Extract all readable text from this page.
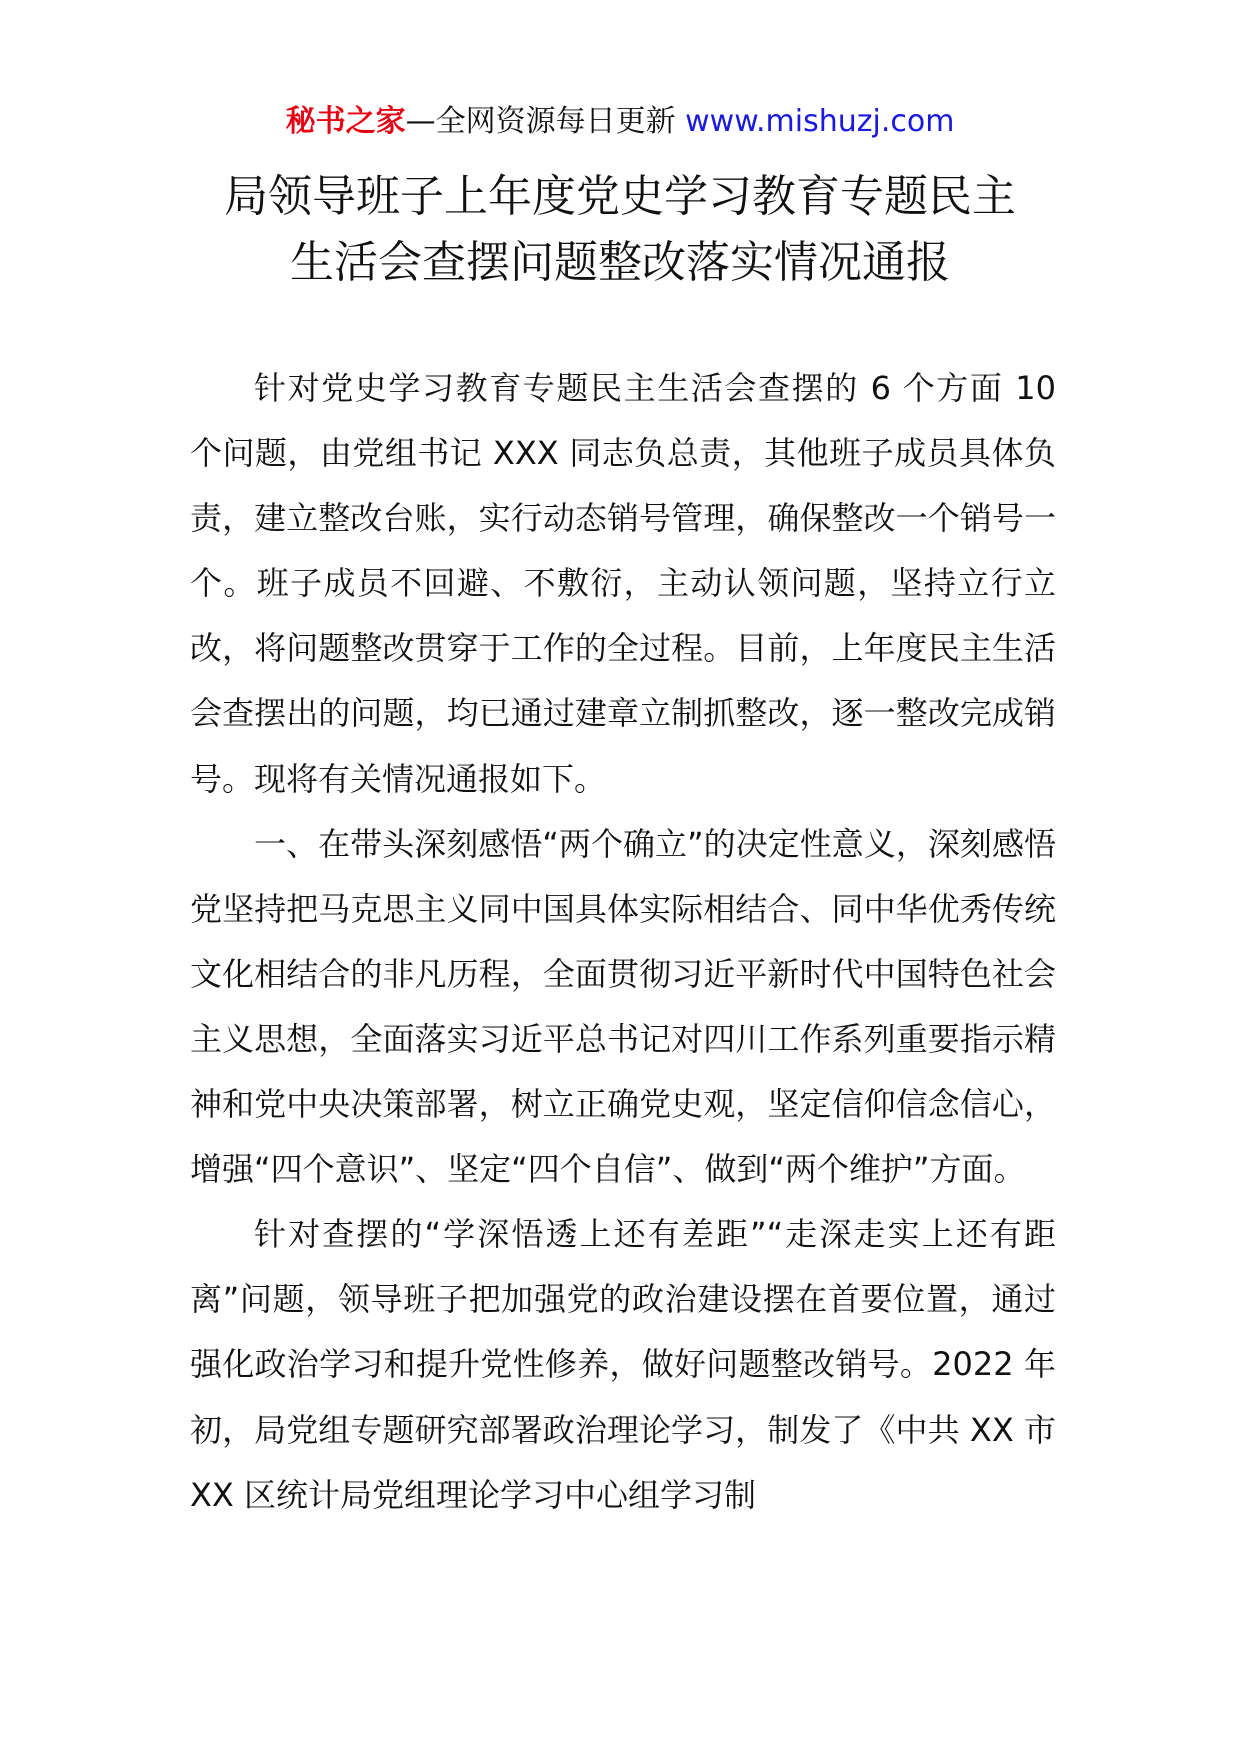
秘书之家—全网资源每日更新 www.mishuzj.com
局领导班子上年度党史学习教育专题民主
生活会查摆问题整改落实情况通报

针对党史学习教育专题民主生活会查摆的 6 个方面 10 个问题，由党组书记 XXX 同志负总责，其他班子成员具体负责，建立整改台账，实行动态销号管理，确保整改一个销号一个。班子成员不回避、不敷衍，主动认领问题，坚持立行立改，将问题整改贯穿于工作的全过程。目前，上年度民主生活会查摆出的问题，均已通过建章立制抓整改，逐一整改完成销号。现将有关情况通报如下。

一、在带头深刻感悟“两个确立”的决定性意义，深刻感悟党坚持把马克思主义同中国具体实际相结合、同中华优秀传统文化相结合的非凡历程，全面贯彻习近平新时代中国特色社会主义思想，全面落实习近平总书记对四川工作系列重要指示精神和党中央决策部署，树立正确党史观，坚定信仰信念信心，增强“四个意识”、坚定“四个自信”、做到“两个维护”方面。

针对查摆的“学深悟透上还有差距”“走深走实上还有距离”问题，领导班子把加强党的政治建设摆在首要位置，通过强化政治学习和提升党性修养，做好问题整改销号。2022 年初，局党组专题研究部署政治理论学习，制发了《中共 XX 市 XX 区统计局党组理论学习中心组学习制
